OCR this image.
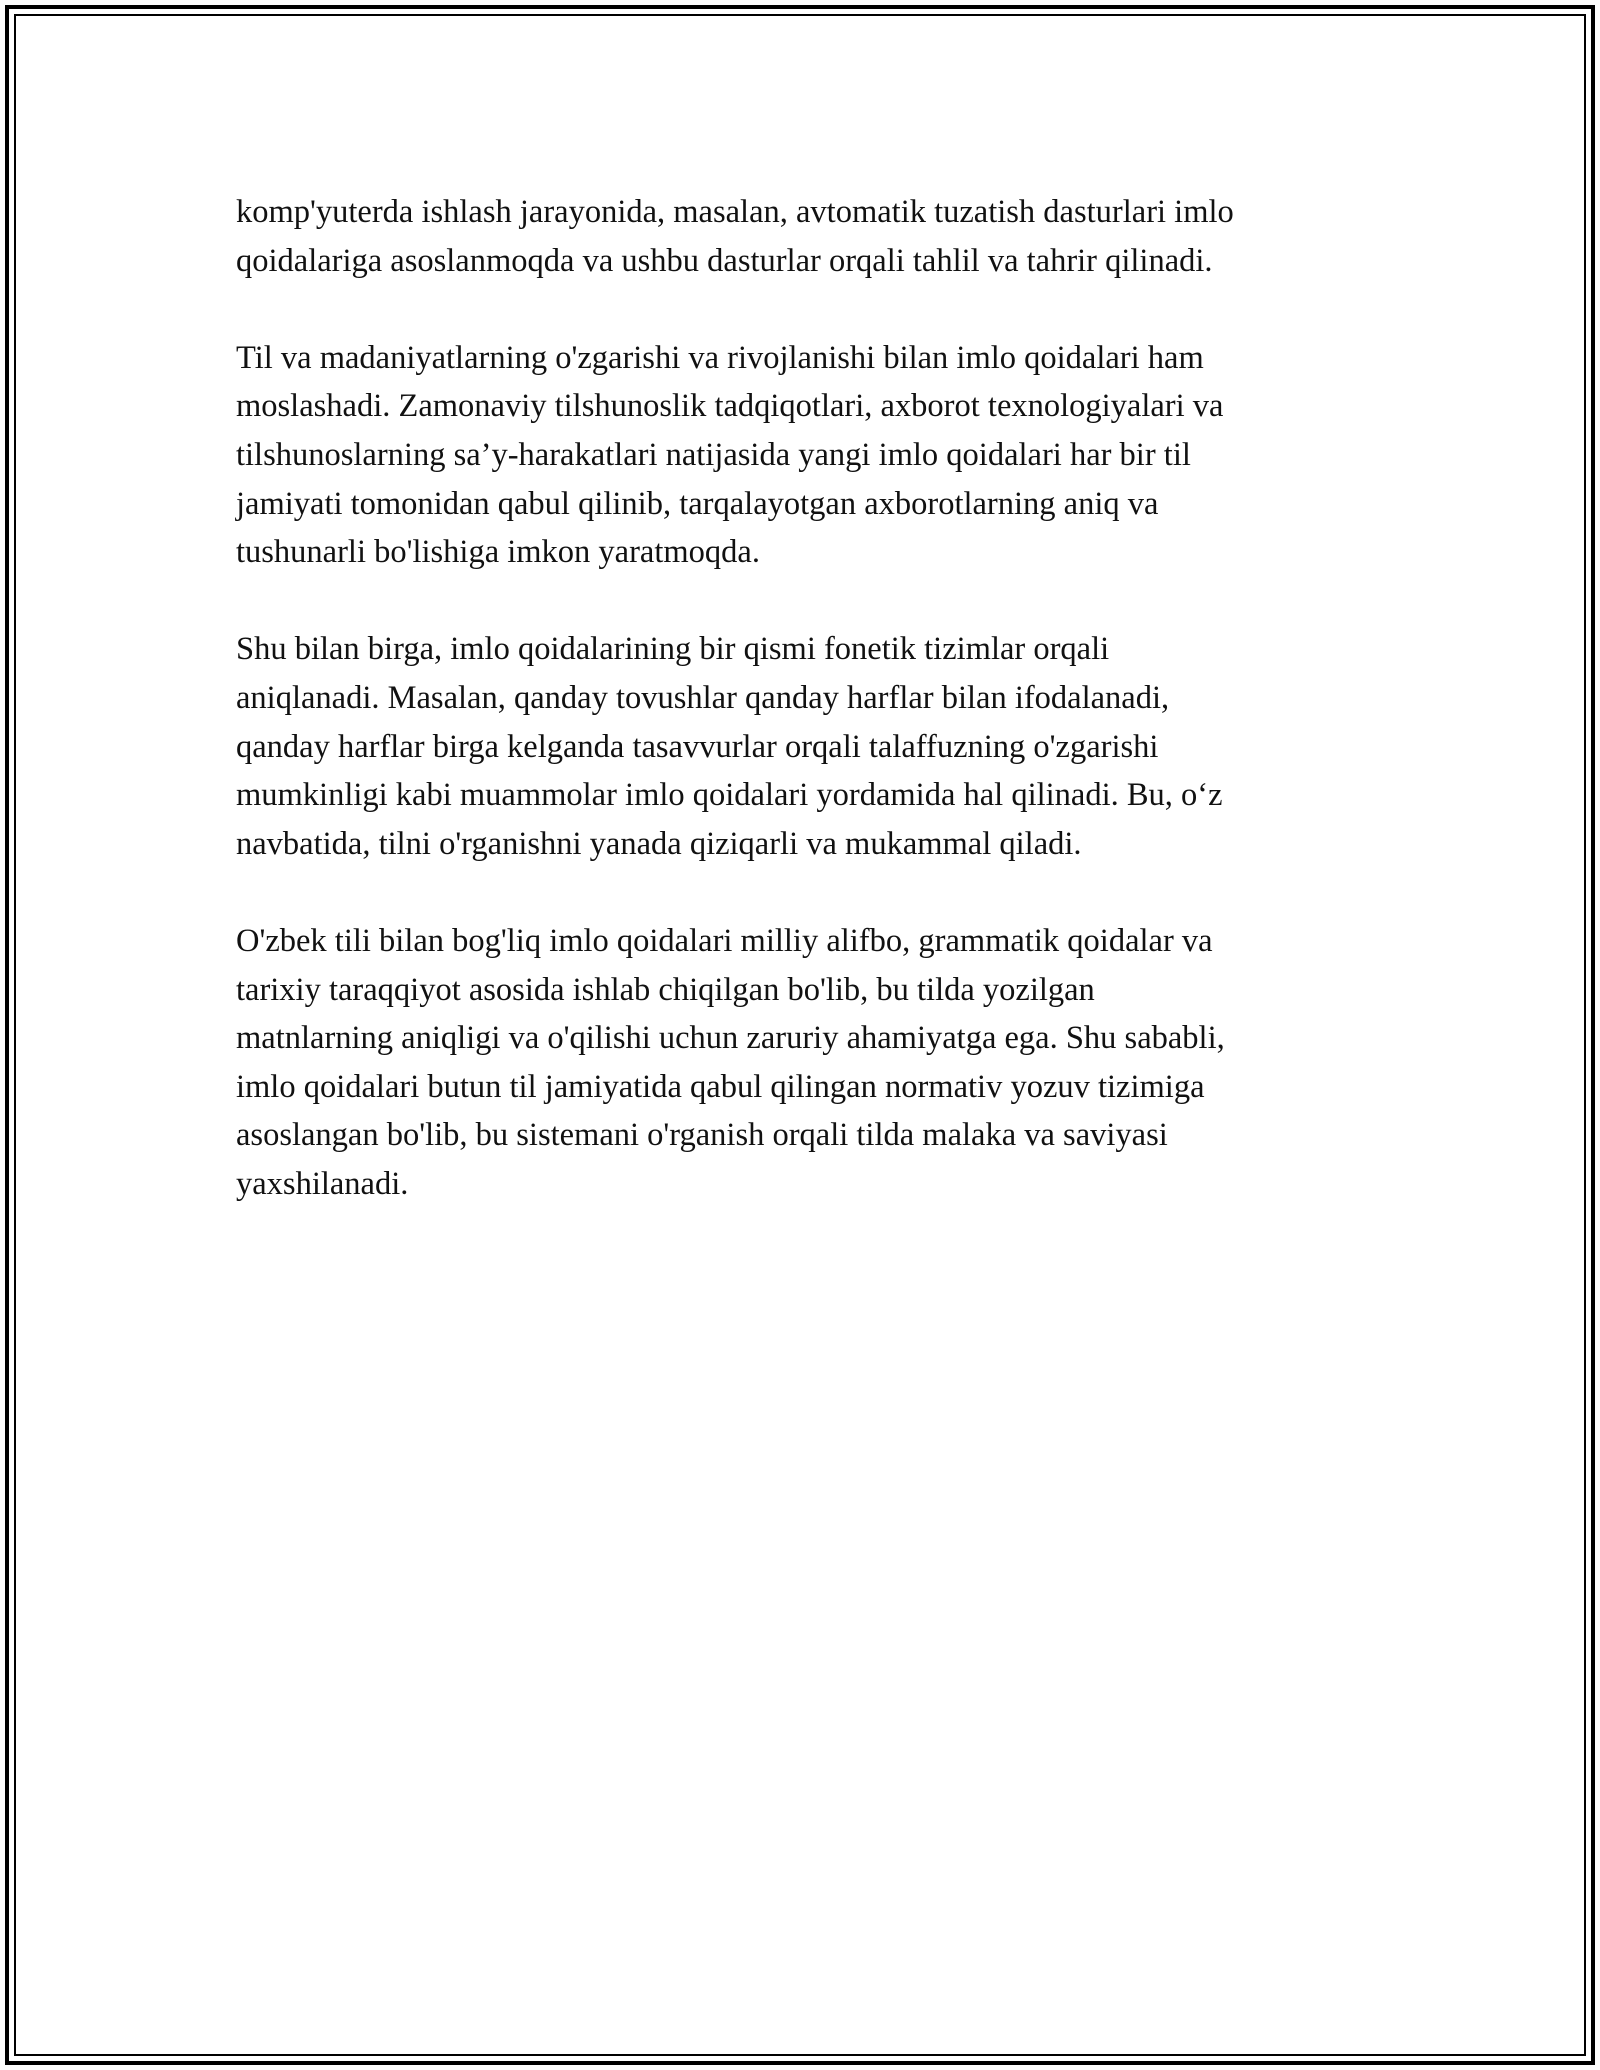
komp'yuterda ishlash jarayonida, masalan, avtomatik tuzatish dasturlari imlo
qoidalariga asoslanmoqda va ushbu dasturlar orqali tahlil va tahrir qilinadi.

Til va madaniyatlarning o'zgarishi va rivojlanishi bilan imlo qoidalari ham
moslashadi. Zamonaviy tilshunoslik tadqiqotlari, axborot texnologiyalari va
tilshunoslarning sa’y-harakatlari natijasida yangi imlo qoidalari har bir til
jamiyati tomonidan qabul qilinib, tarqalayotgan axborotlarning aniq va
tushunarli bo'lishiga imkon yaratmoqda.

Shu bilan birga, imlo qoidalarining bir qismi fonetik tizimlar orqali
aniqlanadi. Masalan, qanday tovushlar qanday harflar bilan ifodalanadi,
qanday harflar birga kelganda tasavvurlar orqali talaffuzning o'zgarishi
mumkinligi kabi muammolar imlo qoidalari yordamida hal qilinadi. Bu, o‘z
navbatida, tilni o'rganishni yanada qiziqarli va mukammal qiladi.

O'zbek tili bilan bog'liq imlo qoidalari milliy alifbo, grammatik qoidalar va
tarixiy taraqqiyot asosida ishlab chiqilgan bo'lib, bu tilda yozilgan
matnlarning aniqligi va o'qilishi uchun zaruriy ahamiyatga ega. Shu sababli,
imlo qoidalari butun til jamiyatida qabul qilingan normativ yozuv tizimiga
asoslangan bo'lib, bu sistemani o'rganish orqali tilda malaka va saviyasi
yaxshilanadi.
